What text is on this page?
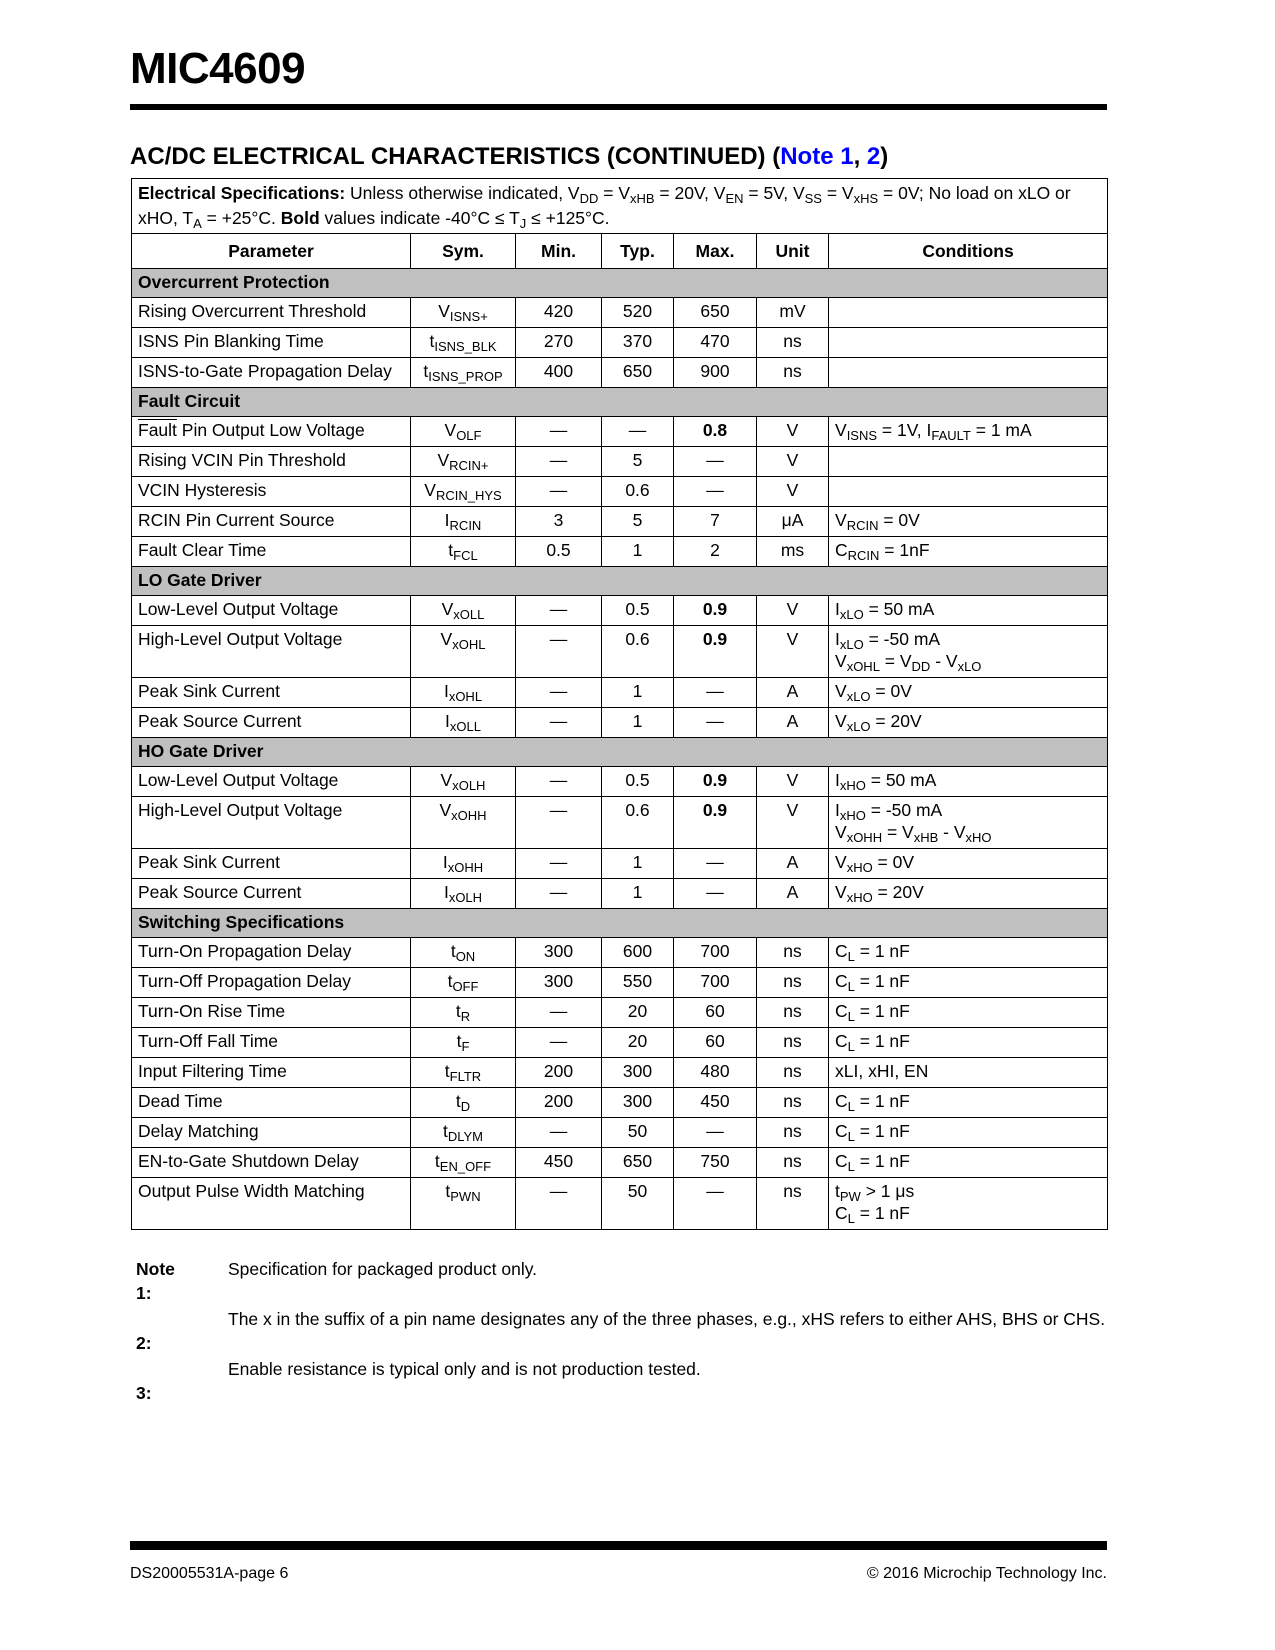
MIC4609
AC/DC ELECTRICAL CHARACTERISTICS (CONTINUED) (Note 1, 2)
Electrical Specifications: Unless otherwise indicated, $V_{DD} = V_{xHB} = 20V$, $V_{EN} = 5V$, $V_{SS} = V_{xHS} = 0V$; No load on xLO or xHO, $T_A = +25^\circ C$. Bold values indicate $-40^\circ C \le T_J \le +125^\circ C$.						
Parameter	Sym.	Min.	Typ.	Max.	Unit	Conditions
Overcurrent Protection						
Rising Overcurrent Threshold	$V_{ISNS+}$	420	520	650	mV	
ISNS Pin Blanking Time	$t_{ISNS\_BLK}$	270	370	470	ns	
ISNS-to-Gate Propagation Delay	$t_{ISNS\_PROP}$	400	650	900	ns	
Fault Circuit						
Fault Pin Output Low Voltage	$V_{OLF}$	—	—	0.8	V	$V_{ISNS} = 1V$, $I_{FAULT} = 1$ mA

Rising VCIN Pin Threshold	$V_{RCIN+}$	—	5	—	V	
VCIN Hysteresis	$V_{RCIN\_HYS}$	—	0.6	—	V	
RCIN Pin Current Source	$I_{RCIN}$	3	5	7	μA	$V_{RCIN} = 0V$

Fault Clear Time	$t_{FCL}$	0.5	1	2	ms	$C_{RCIN} = 1nF$

LO Gate Driver						
Low-Level Output Voltage	$V_{xOLL}$	—	0.5	0.9	V	$I_{xLO} = 50$ mA

High-Level Output Voltage	$V_{xOHL}$	—	0.6	0.9	V	$I_{xLO} = -50$ mA
$V_{xOHL} = V_{DD} - V_{xLO}$

Peak Sink Current	$I_{xOHL}$	—	1	—	A	$V_{xLO} = 0V$

Peak Source Current	$I_{xOLL}$	—	1	—	A	$V_{xLO} = 20V$

HO Gate Driver						
Low-Level Output Voltage	$V_{xOLH}$	—	0.5	0.9	V	$I_{xHO} = 50$ mA

High-Level Output Voltage	$V_{xOHH}$	—	0.6	0.9	V	$I_{xHO} = -50$ mA
$V_{xOHH} = V_{xHB} - V_{xHO}$

Peak Sink Current	$I_{xOHH}$	—	1	—	A	$V_{xHO} = 0V$

Peak Source Current	$I_{xOLH}$	—	1	—	A	$V_{xHO} = 20V$

Switching Specifications						
Turn-On Propagation Delay	$t_{ON}$	300	600	700	ns	$C_L = 1$ nF

Turn-Off Propagation Delay	$t_{OFF}$	300	550	700	ns	$C_L = 1$ nF

Turn-On Rise Time	$t_R$	—	20	60	ns	$C_L = 1$ nF

Turn-Off Fall Time	$t_F$	—	20	60	ns	$C_L = 1$ nF

Input Filtering Time	$t_{FLTR}$	200	300	480	ns	xLI, xHI, EN

Dead Time	$t_D$	200	300	450	ns	$C_L = 1$ nF

Delay Matching	$t_{DLYM}$	—	50	—	ns	$C_L = 1$ nF

EN-to-Gate Shutdown Delay	$t_{EN\_OFF}$	450	650	750	ns	$C_L = 1$ nF

Output Pulse Width Matching	$t_{PWN}$	—	50	—	ns	$t_{PW} > 1$ μs
$C_L = 1$ nF
Note1:
Specification for packaged product only.
2:
The x in the suffix of a pin name designates any of the three phases, e.g., xHS refers to either AHS, BHS or CHS.
3:
Enable resistance is typical only and is not production tested.
DS20005531A-page 6	© 2016 Microchip Technology Inc.
